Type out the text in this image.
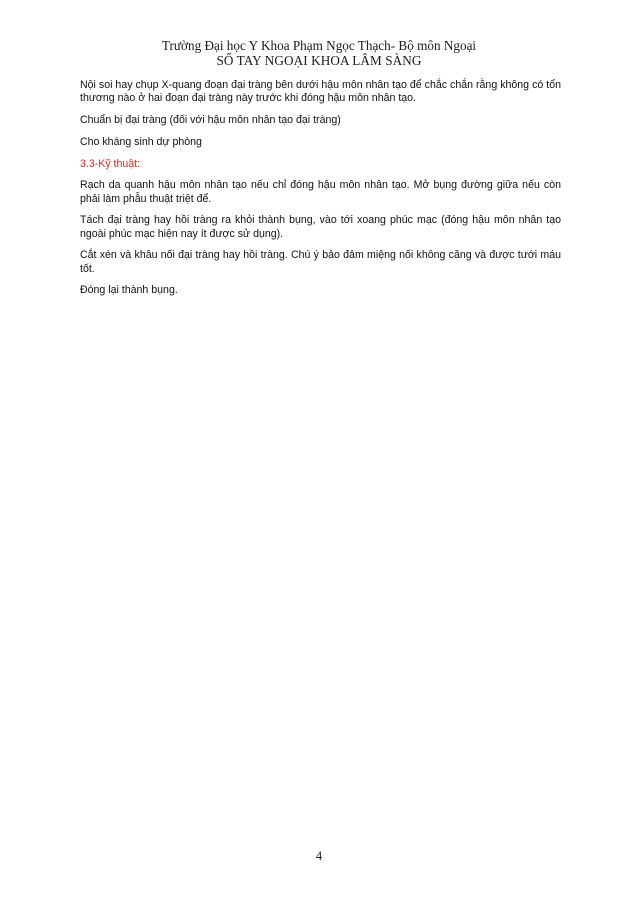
Trường Đại học Y Khoa Phạm Ngọc Thạch- Bộ môn Ngoại
SỔ TAY NGOẠI KHOA LÂM SÀNG

Nội soi hay chụp X-quang đoạn đại tràng bên dưới hậu môn nhân tạo để chắc chắn rằng không có tổn thương nào ở hai đoạn đại tràng này trước khi đóng hậu môn nhân tạo.

Chuẩn bị đại tràng (đối với hậu môn nhân tạo đại tràng)

Cho kháng sinh dự phòng

3.3-Kỹ thuật:

Rạch da quanh hậu môn nhân tạo nếu chỉ đóng hậu môn nhân tạo. Mở bụng đường giữa nếu còn phải làm phẫu thuật triệt để.

Tách đại tràng hay hồi tràng ra khỏi thành bụng, vào tới xoang phúc mạc (đóng hậu môn nhân tạo ngoài phúc mạc hiện nay ít được sử dụng).

Cắt xén và khâu nối đại tràng hay hồi tràng. Chú ý bảo đảm miệng nối không căng và được tưới máu tốt.

Đóng lại thành bụng.

4
